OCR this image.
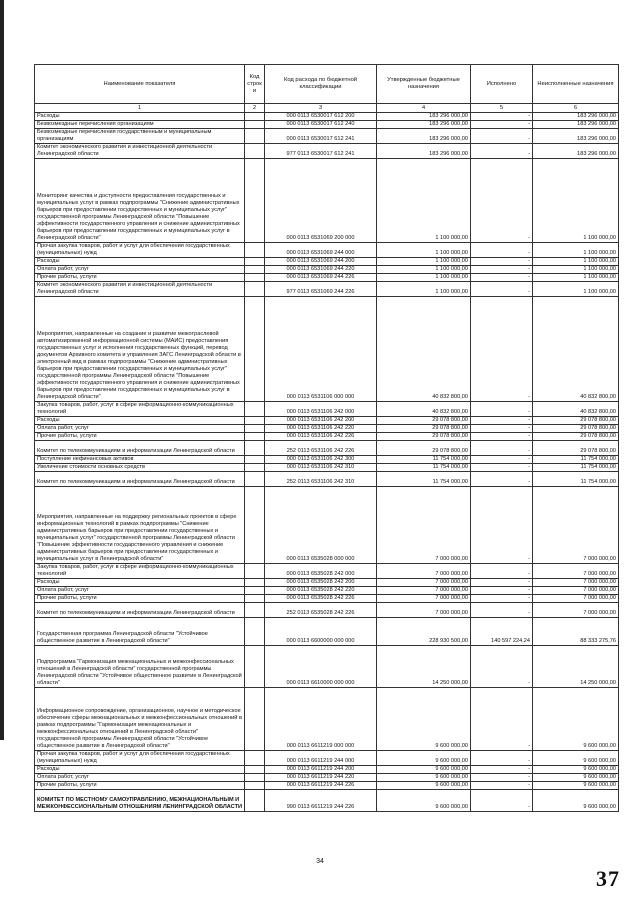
Наименование показателя	Код строк и	Код расхода по бюджетной классификации	Утвержденные бюджетные назначения	Исполнено	Неисполненные назначения
1	2	3	4	5	6
Расходы		000 0113 6530017 612 200	183 296 000,00	-	183 296 000,00
Безвозмездные перечисления организациям		000 0113 6530017 612 240	183 296 000,00	-	183 296 000,00
Безвозмездные перечисления государственным и муниципальным организациям		000 0113 6530017 612 241	183 296 000,00	-	183 296 000,00
Комитет экономического развития и инвестиционной деятельности Ленинградской области		977 0113 6530017 612 241	183 296 000,00	-	183 296 000,00
Мониторинг качества и доступности предоставления государственных и муниципальных услуг в рамках подпрограммы "Снижение административных барьеров при предоставлении государственных и муниципальных услуг" государственной программы Ленинградской области "Повышение эффективности государственного управления и снижение административных барьеров при предоставлении государственных и муниципальных услуг в Ленинградской области"		000 0113 6531069 200 000	1 100 000,00	-	1 100 000,00
Прочая закупка товаров, работ и услуг для обеспечения государственных (муниципальных) нужд		000 0113 6531069 244 000	1 100 000,00	-	1 100 000,00
Расходы		000 0113 6531069 244 200	1 100 000,00	-	1 100 000,00
Оплата работ, услуг		000 0113 6531069 244 220	1 100 000,00	-	1 100 000,00
Прочие работы, услуги		000 0113 6531069 244 226	1 100 000,00	-	1 100 000,00
Комитет экономического развития и инвестиционной деятельности Ленинградской области		977 0113 6531069 244 226	1 100 000,00	-	1 100 000,00
Мероприятия, направленные на создание и развитие межотраслевой автоматизированной информационной системы (МАИС) предоставления государственных услуг и исполнения государственных функций, перевод документов Архивного комитета и управления ЗАГС Ленинградской области в электронный вид в рамках подпрограммы "Снижение административных барьеров при предоставлении государственных и муниципальных услуг" государственной программы Ленинградской области "Повышение эффективности государственного управления и снижение административных барьеров при предоставлении государственных и муниципальных услуг в Ленинградской области"		000 0113 6531106 000 000	40 832 800,00	-	40 832 800,00
Закупка товаров, работ, услуг в сфере информационно-коммуникационных технологий		000 0113 6531106 242 000	40 832 800,00	-	40 832 800,00
Расходы		000 0113 6531106 242 200	29 078 800,00	-	29 078 800,00
Оплата работ, услуг		000 0113 6531106 242 220	29 078 800,00	-	29 078 800,00
Прочие работы, услуги		000 0113 6531106 242 226	29 078 800,00	-	29 078 800,00
Комитет по телекоммуникациям и информатизации Ленинградской области		252 0113 6531106 242 226	29 078 800,00	-	29 078 800,00
Поступление нефинансовых активов		000 0113 6531106 242 300	11 754 000,00	-	11 754 000,00
Увеличение стоимости основных средств		000 0113 6531106 242 310	11 754 000,00	-	11 754 000,00
Комитет по телекоммуникациям и информатизации Ленинградской области		252 0113 6531106 242 310	11 754 000,00	-	11 754 000,00
Мероприятия, направленные на поддержку региональных проектов в сфере информационных технологий в рамках подпрограммы "Снижение административных барьеров при предоставлении государственных и муниципальных услуг" государственной программы Ленинградской области "Повышение эффективности государственного управления и снижение административных барьеров при предоставлении государственных и муниципальных услуг в Ленинградской области"		000 0113 6535028 000 000	7 000 000,00	-	7 000 000,00
Закупка товаров, работ, услуг в сфере информационно-коммуникационных технологий		000 0113 6535028 242 000	7 000 000,00	-	7 000 000,00
Расходы		000 0113 6535028 242 200	7 000 000,00	-	7 000 000,00
Оплата работ, услуг		000 0113 6535028 242 220	7 000 000,00	-	7 000 000,00
Прочие работы, услуги		000 0113 6535028 242 226	7 000 000,00	-	7 000 000,00
Комитет по телекоммуникациям и информатизации Ленинградской области		252 0113 6535028 242 226	7 000 000,00	-	7 000 000,00
Государственная программа Ленинградской области "Устойчивое общественное развитие в Ленинградской области"		000 0113 6600000 000 000	228 930 500,00	140 597 224,24	88 333 275,76
Подпрограмма "Гармонизация межнациональных и межконфессиональных отношений в Ленинградской области" государственной программы Ленинградской области "Устойчивое общественное развитие в Ленинградской области"		000 0113 6610000 000 000	14 250 000,00	-	14 250 000,00
Информационное сопровождение, организационное, научное и методическое обеспечение сферы межнациональных и межконфессиональных отношений в рамках подпрограммы "Гармонизация межнациональных и межконфессиональных отношений в Ленинградской области" государственной программы Ленинградской области "Устойчивое общественное развитие в Ленинградской области"		000 0113 6611219 000 000	9 600 000,00	-	9 600 000,00
Прочая закупка товаров, работ и услуг для обеспечения государственных (муниципальных) нужд		000 0113 6611219 244 000	9 600 000,00	-	9 600 000,00
Расходы		000 0113 6611219 244 200	9 600 000,00	-	9 600 000,00
Оплата работ, услуг		000 0113 6611219 244 220	9 600 000,00	-	9 600 000,00
Прочие работы, услуги		000 0113 6611219 244 226	9 600 000,00	-	9 600 000,00
КОМИТЕТ ПО МЕСТНОМУ САМОУПРАВЛЕНИЮ, МЕЖНАЦИОНАЛЬНЫМ И МЕЖКОНФЕССИОНАЛЬНЫМ ОТНОШЕНИЯМ ЛЕНИНГРАДСКОЙ ОБЛАСТИ		990 0113 6611219 244 226	9 600 000,00	-	9 600 000,00
34
37
